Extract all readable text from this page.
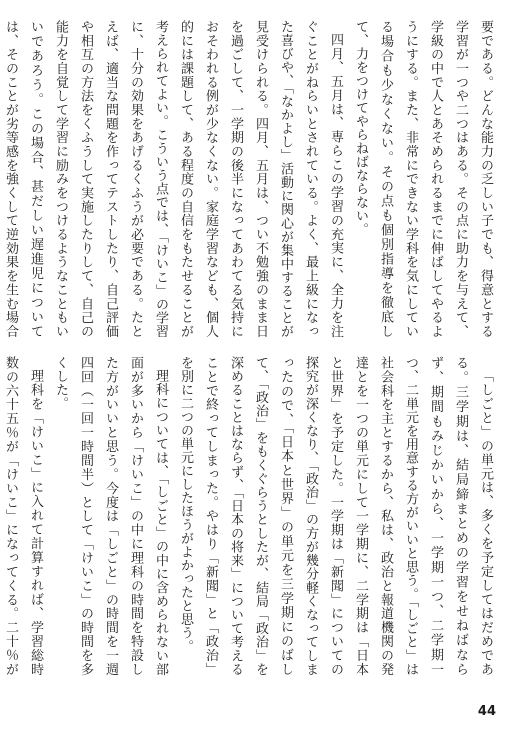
要である。どんな能力の乏しい子でも、得意とする学習が一つや二つはある。その点に助力を与えて、学級の中で人とあそめられるまでに伸ばしてやるようにする。また、非常にできない学科を気にしている場合も少なくない。その点も個別指導を徹底して、力をつけてやらねばならない。

四月、五月は、専らこの学習の充実に、全力を注ぐことがねらいとされている。よく、最上級になった喜びや、「なかよし」活動に関心が集中することが見受けられる。四月、五月は、つい不勉強のまま日を過ごして、一学期の後半になってあわてる気持におそわれる例が少なくない。家庭学習なども、個人的には課題して、ある程度の自信をもたせることが考えられてよい。こういう点では、「けいこ」の学習に、十分の効果をあげるくふうが必要である。たとえば、適当な問題を作ってテストしたり、自己評価や相互の方法をくふうして実施したりして、自己の能力を自覚して学習に励みをつけるようなこともいいであろう。この場合、甚だしい遅進児については、そのことが劣等感を強くして逆効果を生む場合

「しごと」の単元は、多くを予定してはだめである。三学期は、結局締まとめの学習をせねばならず、期間もみじかいから、一学期一つ、二学期一つ、二単元を用意する方がいいと思う。「しごと」は社会科を主とするから、私は、政治と報道機関の発達とを一つの単元にして一学期に、二学期は「日本と世界」を予定した。一学期は「新聞」についての探究が深くなり、「政治」の方が幾分軽くなってしまったので、「日本と世界」の単元を三学期にのばして、「政治」をもくぐらうとしたが、結局「政治」を深めることはならず、「日本の将来」について考えることで終ってしまった。やはり「新聞」と「政治」を別に二つの単元にしたほうがよかったと思う。

理科については、「しごと」の中に含められない部面が多いから「けいこ」の中に理科の時間を特設した方がいいと思う。今度は「しごと」の時間を一週四回（一回一時間半）として「けいこ」の時間を多くした。

理科を「けいこ」に入れて計算すれば、学習総時数の六十五％が「けいこ」になってくる。二十％が

44
